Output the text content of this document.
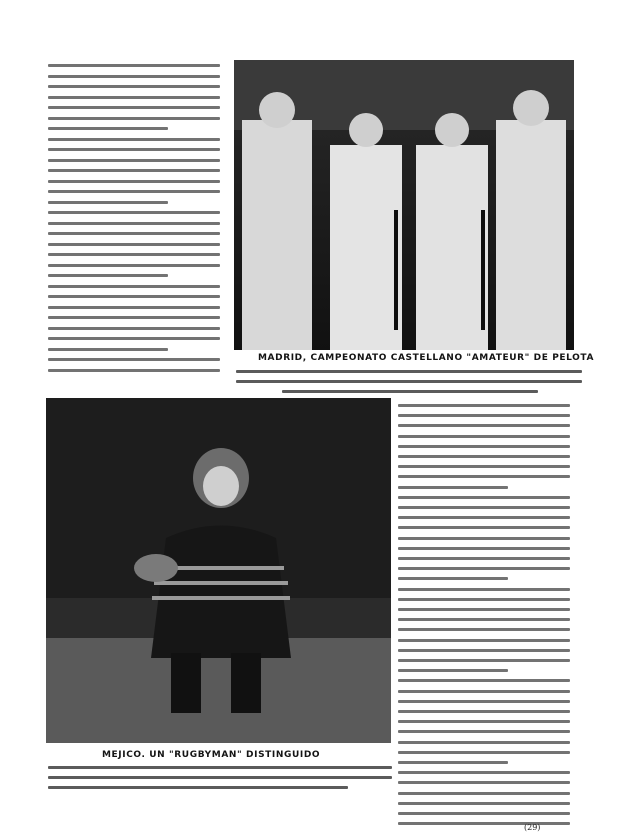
MADRID, CAMPEONATO CASTELLANO "AMATEUR" DE PELOTA
MEJICO. UN "RUGBYMAN" DISTINGUIDO
(29)
